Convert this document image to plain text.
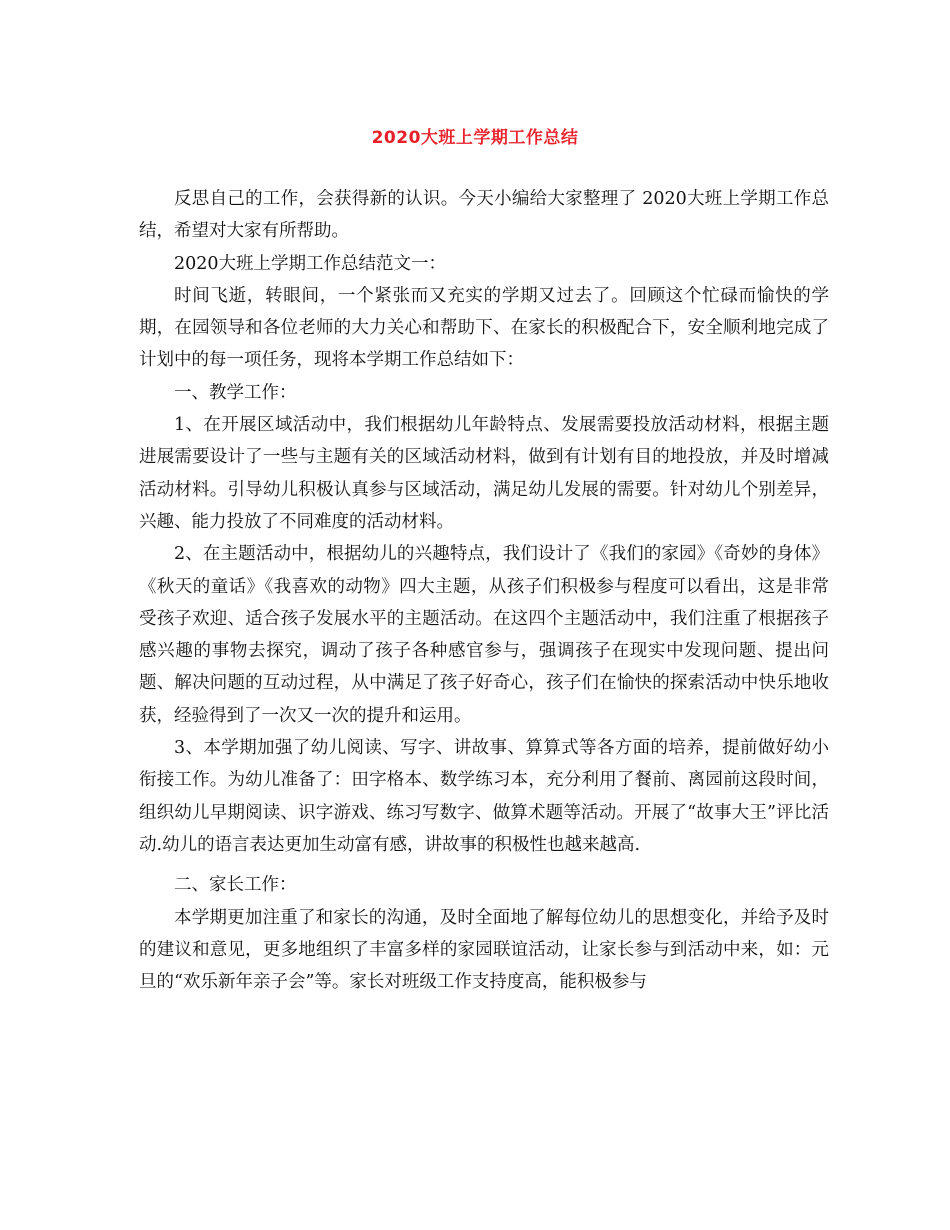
2020大班上学期工作总结

反思自己的工作，会获得新的认识。今天小编给大家整理了 2020大班上学期工作总结，希望对大家有所帮助。

2020大班上学期工作总结范文一：

时间飞逝，转眼间，一个紧张而又充实的学期又过去了。回顾这个忙碌而愉快的学期，在园领导和各位老师的大力关心和帮助下、在家长的积极配合下，安全顺利地完成了计划中的每一项任务，现将本学期工作总结如下：

一、教学工作：

1、在开展区域活动中，我们根据幼儿年龄特点、发展需要投放活动材料，根据主题进展需要设计了一些与主题有关的区域活动材料，做到有计划有目的地投放，并及时增减活动材料。引导幼儿积极认真参与区域活动，满足幼儿发展的需要。针对幼儿个别差异，兴趣、能力投放了不同难度的活动材料。

2、在主题活动中，根据幼儿的兴趣特点，我们设计了《我们的家园》《奇妙的身体》《秋天的童话》《我喜欢的动物》四大主题，从孩子们积极参与程度可以看出，这是非常受孩子欢迎、适合孩子发展水平的主题活动。在这四个主题活动中，我们注重了根据孩子感兴趣的事物去探究，调动了孩子各种感官参与，强调孩子在现实中发现问题、提出问题、解决问题的互动过程，从中满足了孩子好奇心，孩子们在愉快的探索活动中快乐地收获，经验得到了一次又一次的提升和运用。

3、本学期加强了幼儿阅读、写字、讲故事、算算式等各方面的培养，提前做好幼小衔接工作。为幼儿准备了：田字格本、数学练习本，充分利用了餐前、离园前这段时间，组织幼儿早期阅读、识字游戏、练习写数字、做算术题等活动。开展了“故事大王”评比活动.幼儿的语言表达更加生动富有感，讲故事的积极性也越来越高.

二、家长工作：

本学期更加注重了和家长的沟通，及时全面地了解每位幼儿的思想变化，并给予及时的建议和意见，更多地组织了丰富多样的家园联谊活动，让家长参与到活动中来，如：元旦的“欢乐新年亲子会”等。家长对班级工作支持度高，能积极参与
